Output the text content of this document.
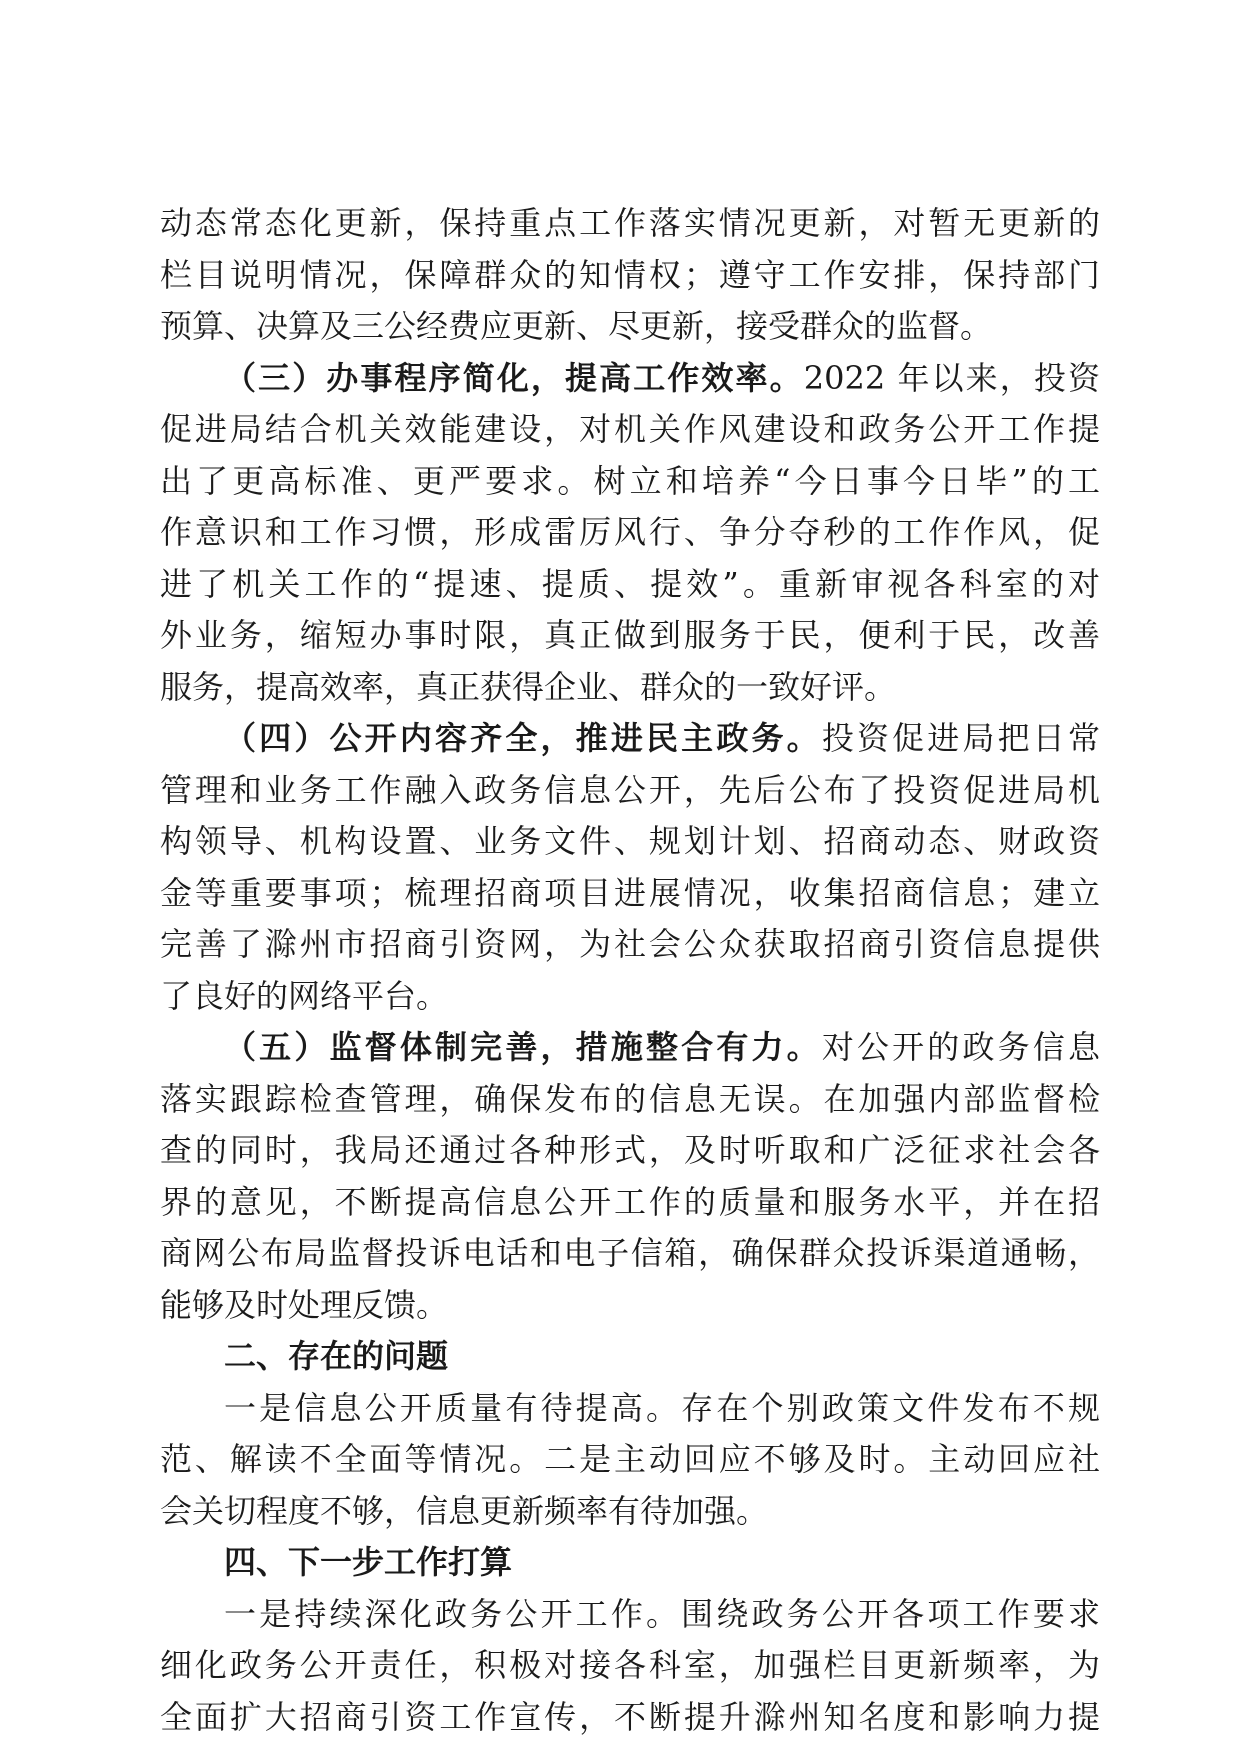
动态常态化更新，保持重点工作落实情况更新，对暂无更新的
栏目说明情况，保障群众的知情权；遵守工作安排，保持部门
预算、决算及三公经费应更新、尽更新，接受群众的监督。
（三）办事程序简化，提高工作效率。2022 年以来，投资
促进局结合机关效能建设，对机关作风建设和政务公开工作提
出了更高标准、更严要求。树立和培养“今日事今日毕”的工
作意识和工作习惯，形成雷厉风行、争分夺秒的工作作风，促
进了机关工作的“提速、提质、提效”。重新审视各科室的对
外业务，缩短办事时限，真正做到服务于民，便利于民，改善
服务，提高效率，真正获得企业、群众的一致好评。
（四）公开内容齐全，推进民主政务。投资促进局把日常
管理和业务工作融入政务信息公开，先后公布了投资促进局机
构领导、机构设置、业务文件、规划计划、招商动态、财政资
金等重要事项；梳理招商项目进展情况，收集招商信息；建立
完善了滁州市招商引资网，为社会公众获取招商引资信息提供
了良好的网络平台。
（五）监督体制完善，措施整合有力。对公开的政务信息
落实跟踪检查管理，确保发布的信息无误。在加强内部监督检
查的同时，我局还通过各种形式，及时听取和广泛征求社会各
界的意见，不断提高信息公开工作的质量和服务水平，并在招
商网公布局监督投诉电话和电子信箱，确保群众投诉渠道通畅，
能够及时处理反馈。
二、存在的问题
一是信息公开质量有待提高。存在个别政策文件发布不规
范、解读不全面等情况。二是主动回应不够及时。主动回应社
会关切程度不够，信息更新频率有待加强。
四、下一步工作打算
一是持续深化政务公开工作。围绕政务公开各项工作要求
细化政务公开责任，积极对接各科室，加强栏目更新频率，为
全面扩大招商引资工作宣传，不断提升滁州知名度和影响力提
